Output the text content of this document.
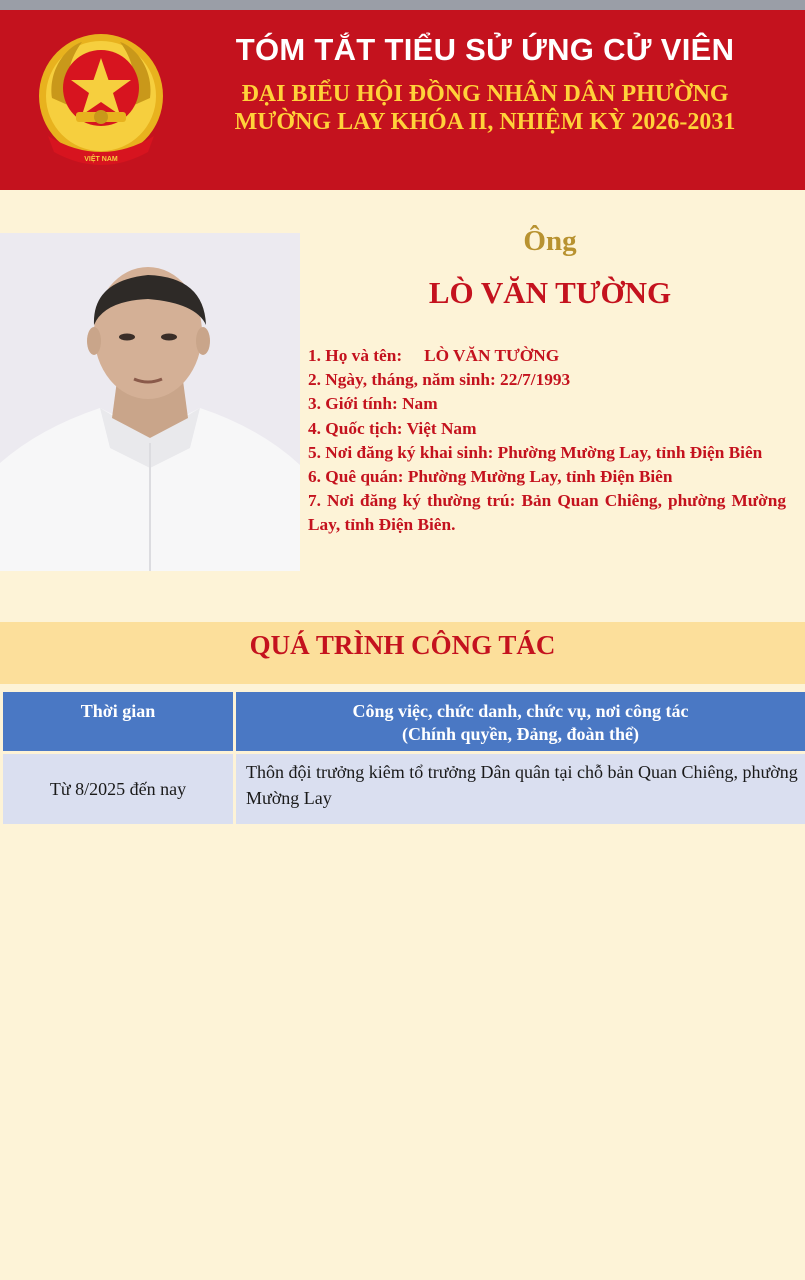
VIỆT NAM
TÓM TẮT TIỂU SỬ ỨNG CỬ VIÊN
ĐẠI BIỂU HỘI ĐỒNG NHÂN DÂN PHƯỜNG
MƯỜNG LAY KHÓA II, NHIỆM KỲ 2026-2031
Ông
LÒ VĂN TƯỜNG
1. Họ và tên: LÒ VĂN TƯỜNG
2. Ngày, tháng, năm sinh: 22/7/1993
3. Giới tính: Nam
4. Quốc tịch: Việt Nam
5. Nơi đăng ký khai sinh: Phường Mường Lay, tỉnh Điện Biên
6. Quê quán: Phường Mường Lay, tỉnh Điện Biên
7. Nơi đăng ký thường trú: Bản Quan Chiêng, phường Mường Lay, tỉnh Điện Biên.
QUÁ TRÌNH CÔNG TÁC
Thời gian	Công việc, chức danh, chức vụ, nơi công tác
(Chính quyền, Đảng, đoàn thể)
Từ 8/2025 đến nay
Thôn đội trưởng kiêm tổ trưởng Dân quân tại chỗ bản Quan Chiêng, phường Mường Lay
